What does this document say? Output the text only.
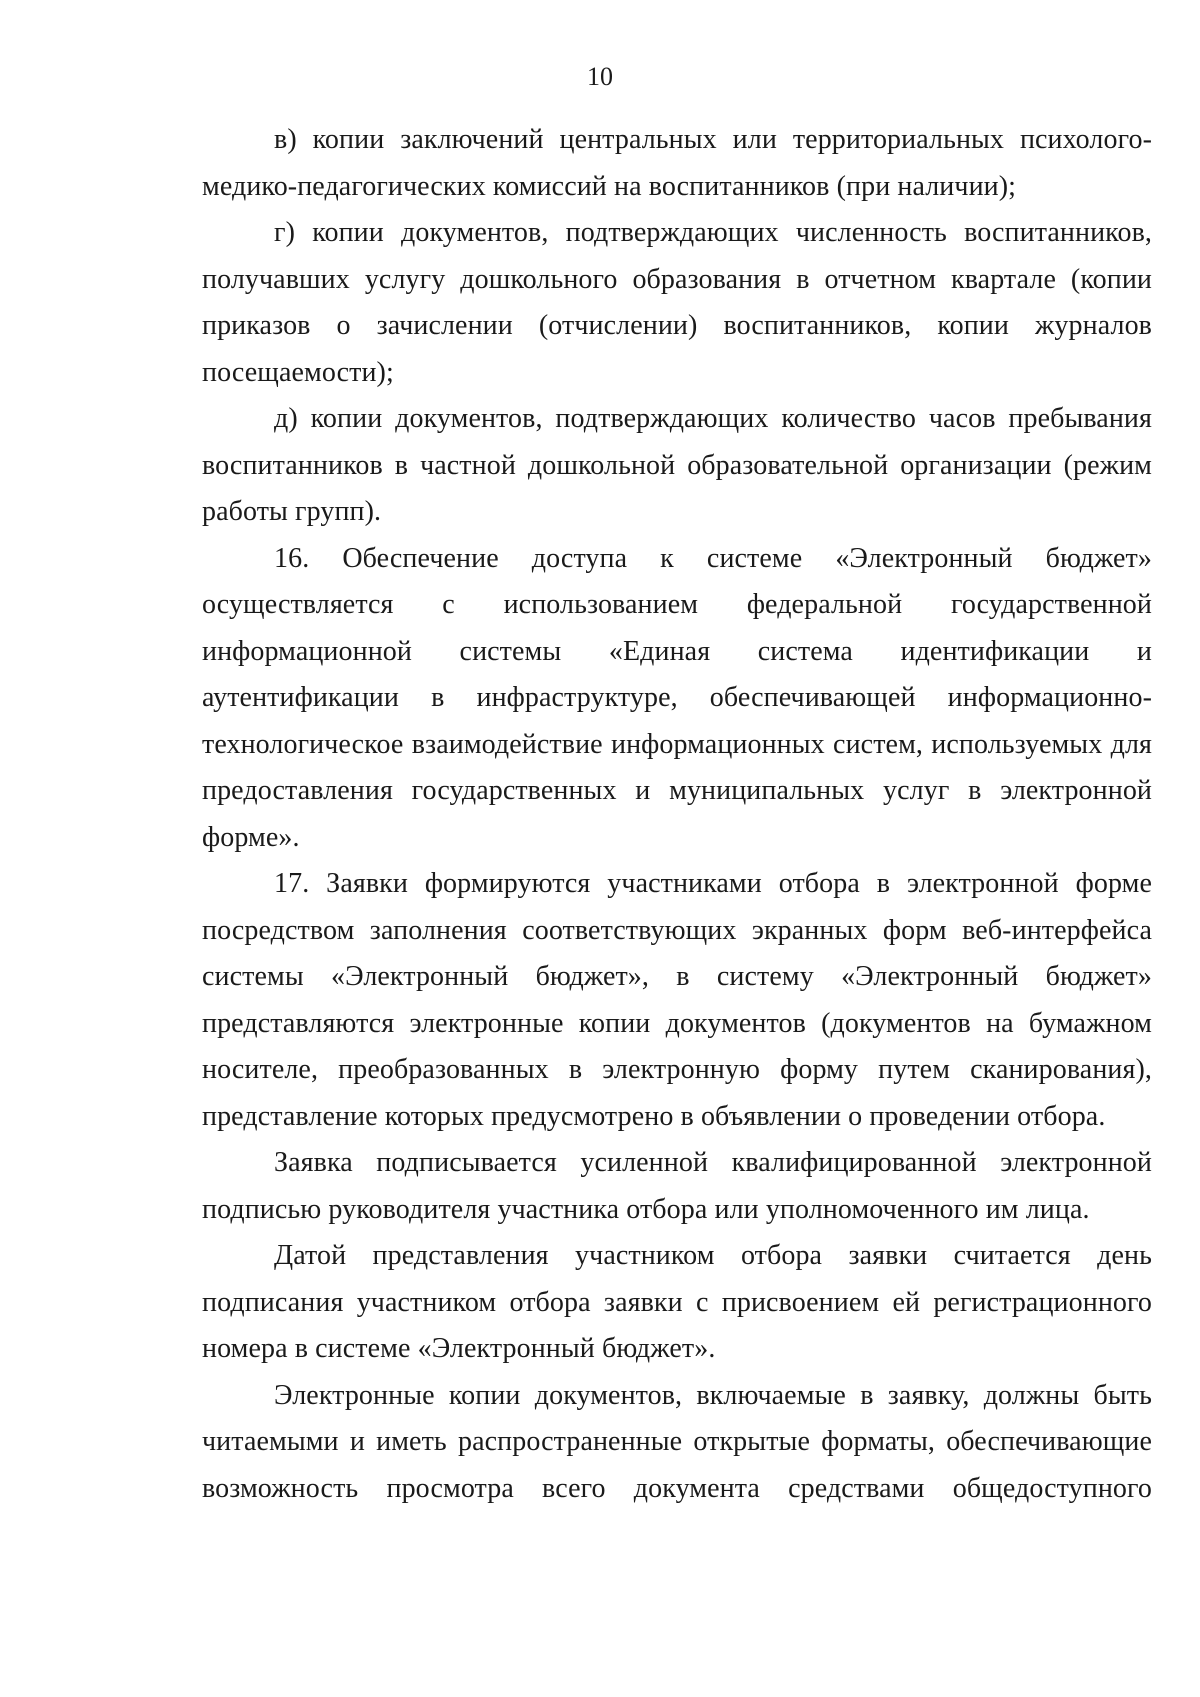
10

в) копии заключений центральных или территориальных психолого-медико-педагогических комиссий на воспитанников (при наличии);

г) копии документов, подтверждающих численность воспитанников, получавших услугу дошкольного образования в отчетном квартале (копии приказов о зачислении (отчислении) воспитанников, копии журналов посещаемости);

д) копии документов, подтверждающих количество часов пребывания воспитанников в частной дошкольной образовательной организации (режим работы групп).

16. Обеспечение доступа к системе «Электронный бюджет» осуществляется с использованием федеральной государственной информационной системы «Единая система идентификации и аутентификации в инфраструктуре, обеспечивающей информационно-технологическое взаимодействие информационных систем, используемых для предоставления государственных и муниципальных услуг в электронной форме».

17. Заявки формируются участниками отбора в электронной форме посредством заполнения соответствующих экранных форм веб-интерфейса системы «Электронный бюджет», в систему «Электронный бюджет» представляются электронные копии документов (документов на бумажном носителе, преобразованных в электронную форму путем сканирования), представление которых предусмотрено в объявлении о проведении отбора.

Заявка подписывается усиленной квалифицированной электронной подписью руководителя участника отбора или уполномоченного им лица.

Датой представления участником отбора заявки считается день подписания участником отбора заявки с присвоением ей регистрационного номера в системе «Электронный бюджет».

Электронные копии документов, включаемые в заявку, должны быть читаемыми и иметь распространенные открытые форматы, обеспечивающие возможность просмотра всего документа средствами общедоступного
